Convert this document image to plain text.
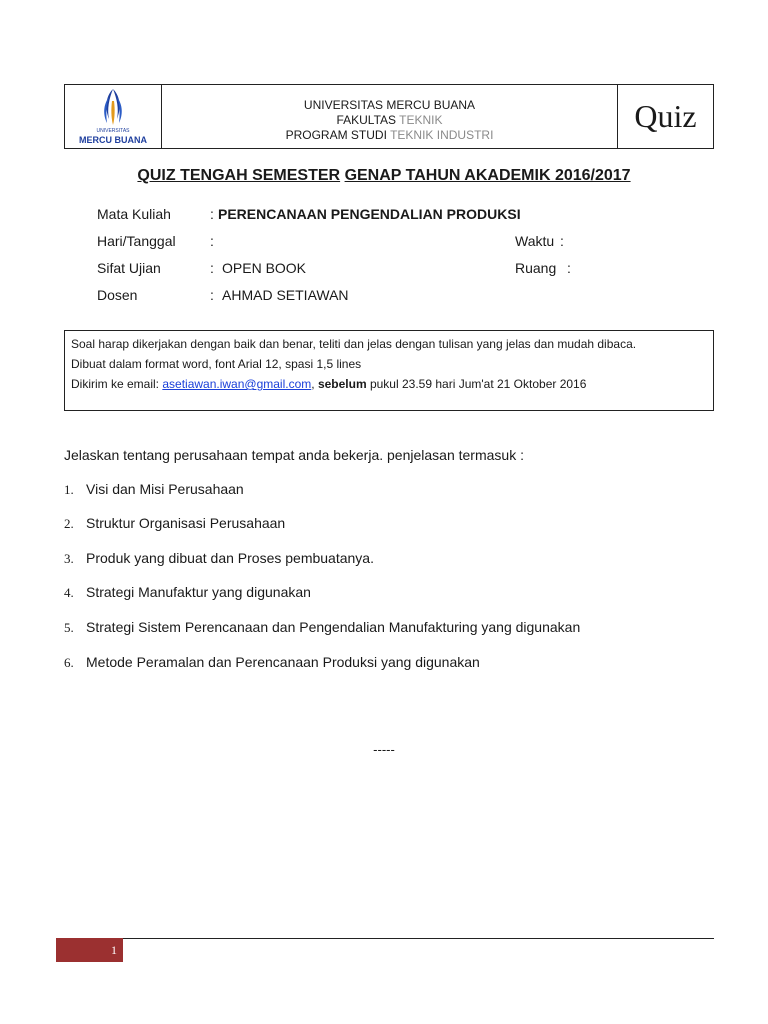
UNIVERSITAS
MERCU BUANA
UNIVERSITAS MERCU BUANA
FAKULTAS TEKNIK
PROGRAM STUDI TEKNIK INDUSTRI
Quiz
QUIZ TENGAH SEMESTER GENAP TAHUN AKADEMIK 2016/2017
Mata Kuliah	: PERENCANAAN PENGENDALIAN PRODUKSI
Hari/Tanggal :	Waktu :
Sifat Ujian	: OPEN BOOK	Ruang :
Dosen	: AHMAD SETIAWAN
Soal harap dikerjakan dengan baik dan benar, teliti dan jelas dengan tulisan yang jelas dan mudah dibaca.
Dibuat dalam format word, font Arial 12, spasi 1,5 lines
Dikirim ke email: asetiawan.iwan@gmail.com, sebelum pukul 23.59 hari Jum'at 21 Oktober 2016
Jelaskan tentang perusahaan tempat anda bekerja. penjelasan termasuk :
1. Visi dan Misi Perusahaan
2. Struktur Organisasi Perusahaan
3. Produk yang dibuat dan Proses pembuatanya.
4. Strategi Manufaktur yang digunakan
5. Strategi Sistem Perencanaan dan Pengendalian Manufakturing yang digunakan
6. Metode Peramalan dan Perencanaan Produksi yang digunakan
-----
1
